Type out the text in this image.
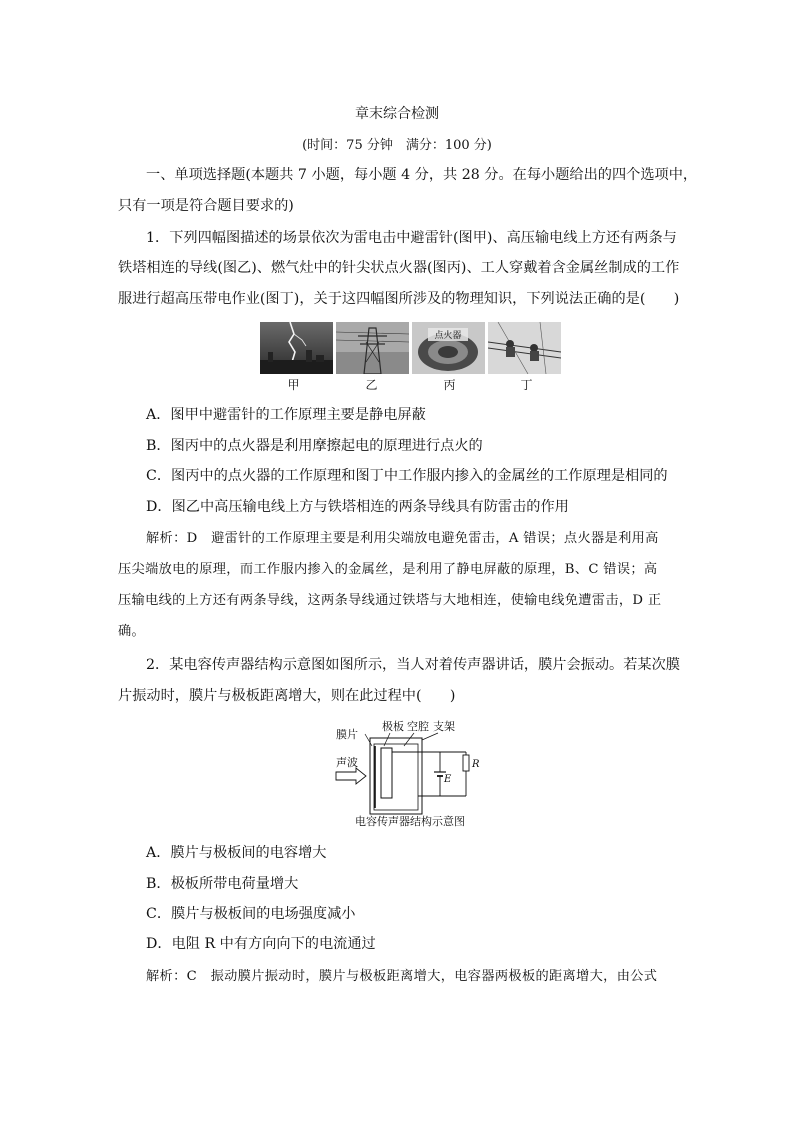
章末综合检测
(时间：75 分钟　满分：100 分)
一、单项选择题(本题共 7 小题，每小题 4 分，共 28 分。在每小题给出的四个选项中，
只有一项是符合题目要求的)
1．下列四幅图描述的场景依次为雷电击中避雷针(图甲)、高压输电线上方还有两条与
铁塔相连的导线(图乙)、燃气灶中的针尖状点火器(图丙)、工人穿戴着含金属丝制成的工作
服进行超高压带电作业(图丁)，关于这四幅图所涉及的物理知识，下列说法正确的是(　　)
点火器
甲	乙	丙	丁
A．图甲中避雷针的工作原理主要是静电屏蔽
B．图丙中的点火器是利用摩擦起电的原理进行点火的
C．图丙中的点火器的工作原理和图丁中工作服内掺入的金属丝的工作原理是相同的
D．图乙中高压输电线上方与铁塔相连的两条导线具有防雷击的作用
解析：D　避雷针的工作原理主要是利用尖端放电避免雷击，A 错误；点火器是利用高
压尖端放电的原理，而工作服内掺入的金属丝，是利用了静电屏蔽的原理，B、C 错误；高
压输电线的上方还有两条导线，这两条导线通过铁塔与大地相连，使输电线免遭雷击，D 正
确。
2．某电容传声器结构示意图如图所示，当人对着传声器讲话，膜片会振动。若某次膜
片振动时，膜片与极板距离增大，则在此过程中(　　)
膜片
极板 空腔 支架
声波
E
R
电容传声器结构示意图
A．膜片与极板间的电容增大
B．极板所带电荷量增大
C．膜片与极板间的电场强度减小
D．电阻 R 中有方向向下的电流通过
解析：C　振动膜片振动时，膜片与极板距离增大，电容器两极板的距离增大，由公式
